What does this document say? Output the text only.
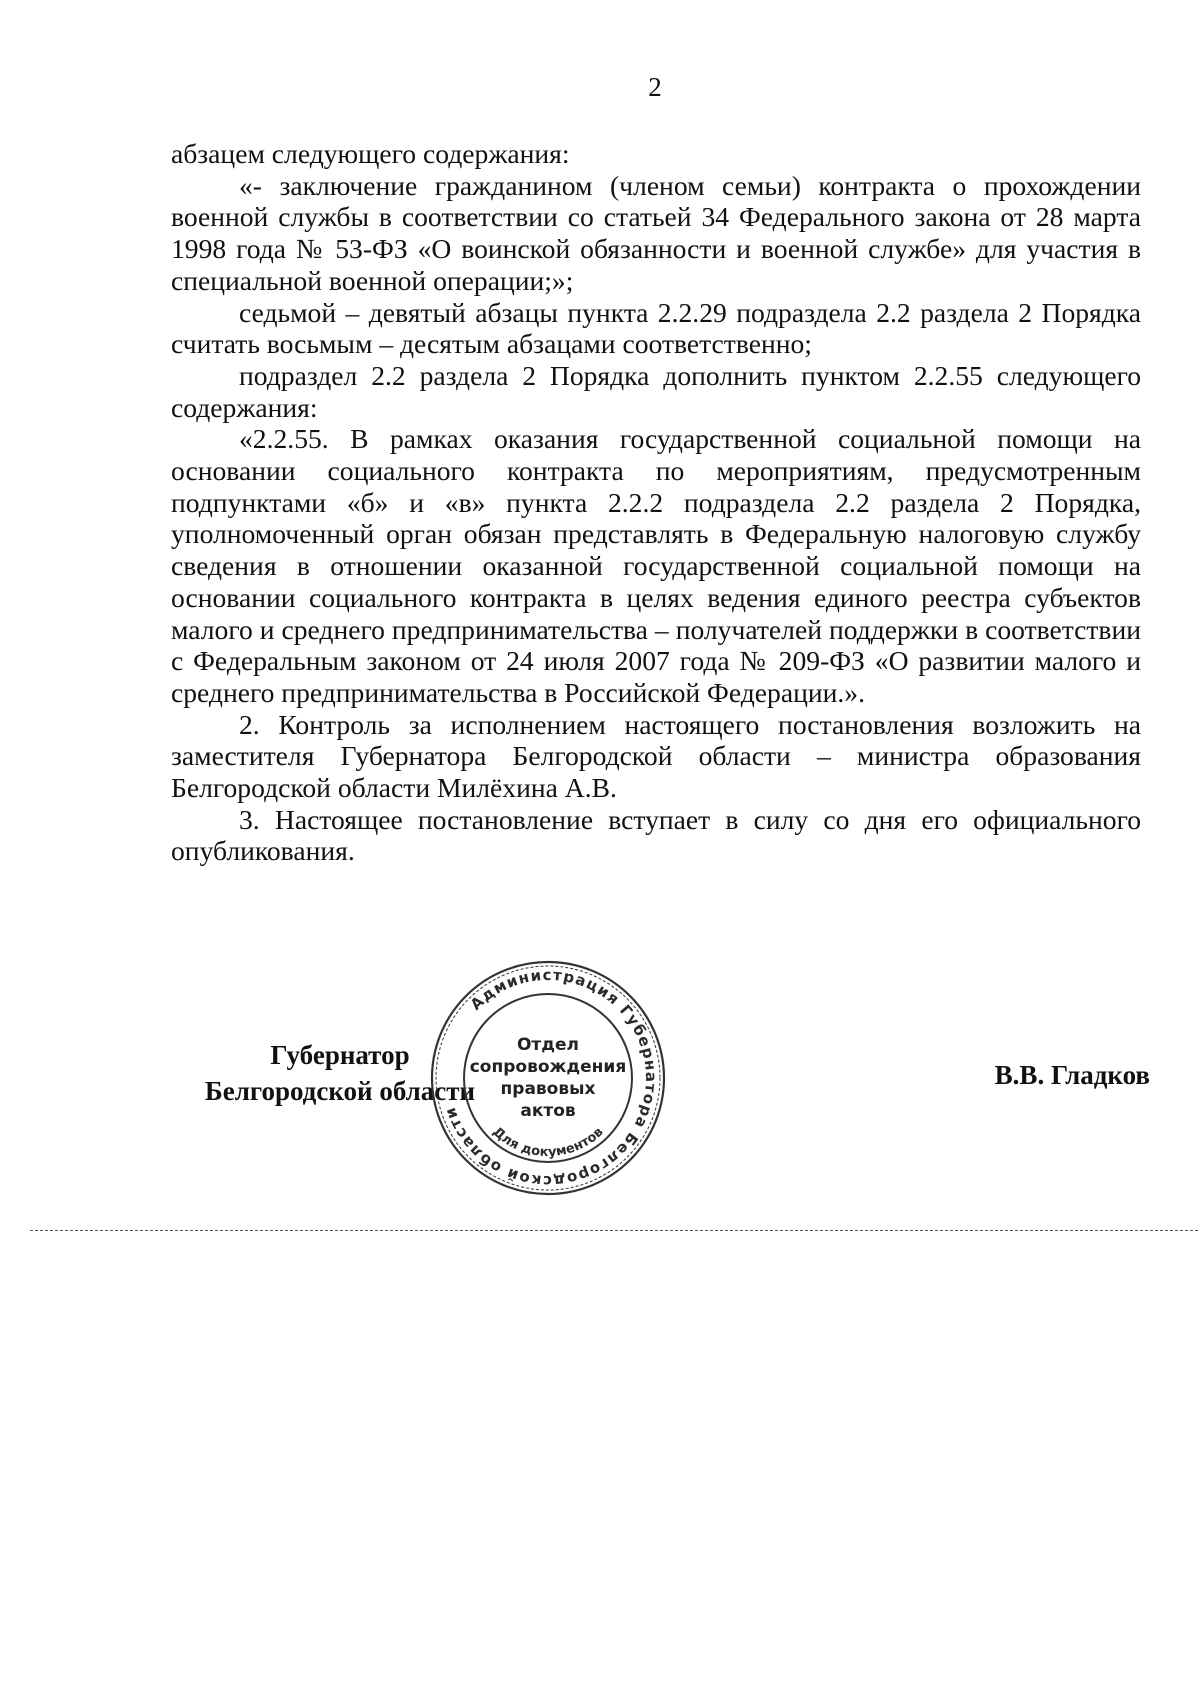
2

абзацем следующего содержания:

«- заключение гражданином (членом семьи) контракта о прохождении военной службы в соответствии со статьей 34 Федерального закона от 28 марта 1998 года № 53-ФЗ «О воинской обязанности и военной службе» для участия в специальной военной операции;»;

седьмой – девятый абзацы пункта 2.2.29 подраздела 2.2 раздела 2 Порядка считать восьмым – десятым абзацами соответственно;

подраздел 2.2 раздела 2 Порядка дополнить пунктом 2.2.55 следующего содержания:

«2.2.55. В рамках оказания государственной социальной помощи на основании социального контракта по мероприятиям, предусмотренным подпунктами «б» и «в» пункта 2.2.2 подраздела 2.2 раздела 2 Порядка, уполномоченный орган обязан представлять в Федеральную налоговую службу сведения в отношении оказанной государственной социальной помощи на основании социального контракта в целях ведения единого реестра субъектов малого и среднего предпринимательства – получателей поддержки в соответствии с Федеральным законом от 24 июля 2007 года № 209-ФЗ «О развитии малого и среднего предпринимательства в Российской Федерации.».

2. Контроль за исполнением настоящего постановления возложить на заместителя Губернатора Белгородской области – министра образования Белгородской области Милёхина А.В.

3. Настоящее постановление вступает в силу со дня его официального опубликования.

Губернатор
Белгородской области
В.В. Гладков
Администрация Губернатора Белгородской области
Для документов
Отдел
сопровождения
правовых
актов
